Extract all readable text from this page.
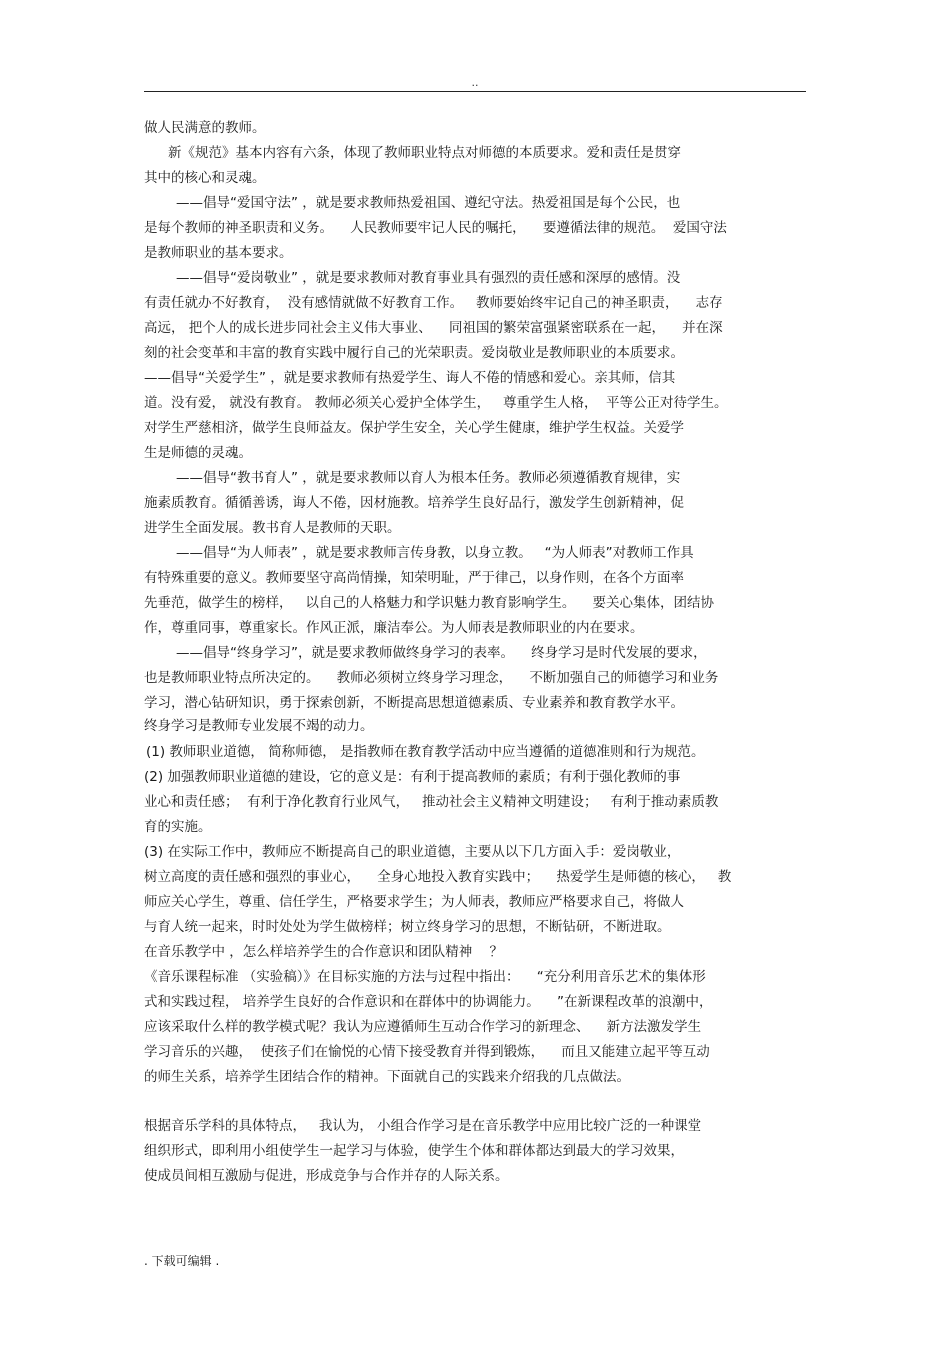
..
做人民满意的教师。
新《规范》基本内容有六条，体现了教师职业特点对师德的本质要求。爱和责任是贯穿
其中的核心和灵魂。
——倡导“爱国守法” ，就是要求教师热爱祖国、遵纪守法。热爱祖国是每个公民，也
是每个教师的神圣职责和义务。    人民教师要牢记人民的嘱托，    要遵循法律的规范。  爱国守法
是教师职业的基本要求。
——倡导“爱岗敬业” ，就是要求教师对教育事业具有强烈的责任感和深厚的感情。没
有责任就办不好教育，  没有感情就做不好教育工作。   教师要始终牢记自己的神圣职责，    志存
高远， 把个人的成长进步同社会主义伟大事业、    同祖国的繁荣富强紧密联系在一起，    并在深
刻的社会变革和丰富的教育实践中履行自己的光荣职责。爱岗敬业是教师职业的本质要求。
——倡导“关爱学生” ，就是要求教师有热爱学生、诲人不倦的情感和爱心。亲其师，信其
道。没有爱， 就没有教育。 教师必须关心爱护全体学生，   尊重学生人格，  平等公正对待学生。
对学生严慈相济，做学生良师益友。保护学生安全，关心学生健康，维护学生权益。关爱学
生是师德的灵魂。
——倡导“教书育人” ，就是要求教师以育人为根本任务。教师必须遵循教育规律，实
施素质教育。循循善诱，诲人不倦，因材施教。培养学生良好品行，激发学生创新精神，促
进学生全面发展。教书育人是教师的天职。
——倡导“为人师表” ，就是要求教师言传身教，以身立教。   “为人师表”对教师工作具
有特殊重要的意义。教师要坚守高尚情操，知荣明耻，严于律己，以身作则，在各个方面率
先垂范，做学生的榜样，   以自己的人格魅力和学识魅力教育影响学生。    要关心集体，团结协
作，尊重同事，尊重家长。作风正派，廉洁奉公。为人师表是教师职业的内在要求。
——倡导“终身学习”，就是要求教师做终身学习的表率。    终身学习是时代发展的要求，
也是教师职业特点所决定的。    教师必须树立终身学习理念，    不断加强自己的师德学习和业务
学习，潜心钻研知识，勇于探索创新，不断提高思想道德素质、专业素养和教育教学水平。
终身学习是教师专业发展不竭的动力。
(1) 教师职业道德， 简称师德， 是指教师在教育教学活动中应当遵循的道德准则和行为规范。
(2) 加强教师职业道德的建设，它的意义是：有利于提高教师的素质；有利于强化教师的事
业心和责任感；  有利于净化教育行业风气，   推动社会主义精神文明建设；   有利于推动素质教
育的实施。
(3) 在实际工作中，教师应不断提高自己的职业道德，主要从以下几方面入手：爱岗敬业，
树立高度的责任感和强烈的事业心，    全身心地投入教育实践中；    热爱学生是师德的核心，   教
师应关心学生，尊重、信任学生，严格要求学生；为人师表，教师应严格要求自己，将做人
与育人统一起来，时时处处为学生做榜样；树立终身学习的思想，不断钻研，不断进取。
在音乐教学中 ，怎么样培养学生的合作意识和团队精神    ？
《音乐课程标准 （实验稿）》在目标实施的方法与过程中指出：    “充分利用音乐艺术的集体形
式和实践过程， 培养学生良好的合作意识和在群体中的协调能力。    ”在新课程改革的浪潮中，
应该采取什么样的教学模式呢？我认为应遵循师生互动合作学习的新理念、    新方法激发学生
学习音乐的兴趣，  使孩子们在愉悦的心情下接受教育并得到锻炼，    而且又能建立起平等互动
的师生关系，培养学生团结合作的精神。下面就自己的实践来介绍我的几点做法。
根据音乐学科的具体特点，   我认为， 小组合作学习是在音乐教学中应用比较广泛的一种课堂
组织形式，即利用小组使学生一起学习与体验，使学生个体和群体都达到最大的学习效果，
使成员间相互激励与促进，形成竞争与合作并存的人际关系。
. 下载可编辑 .
